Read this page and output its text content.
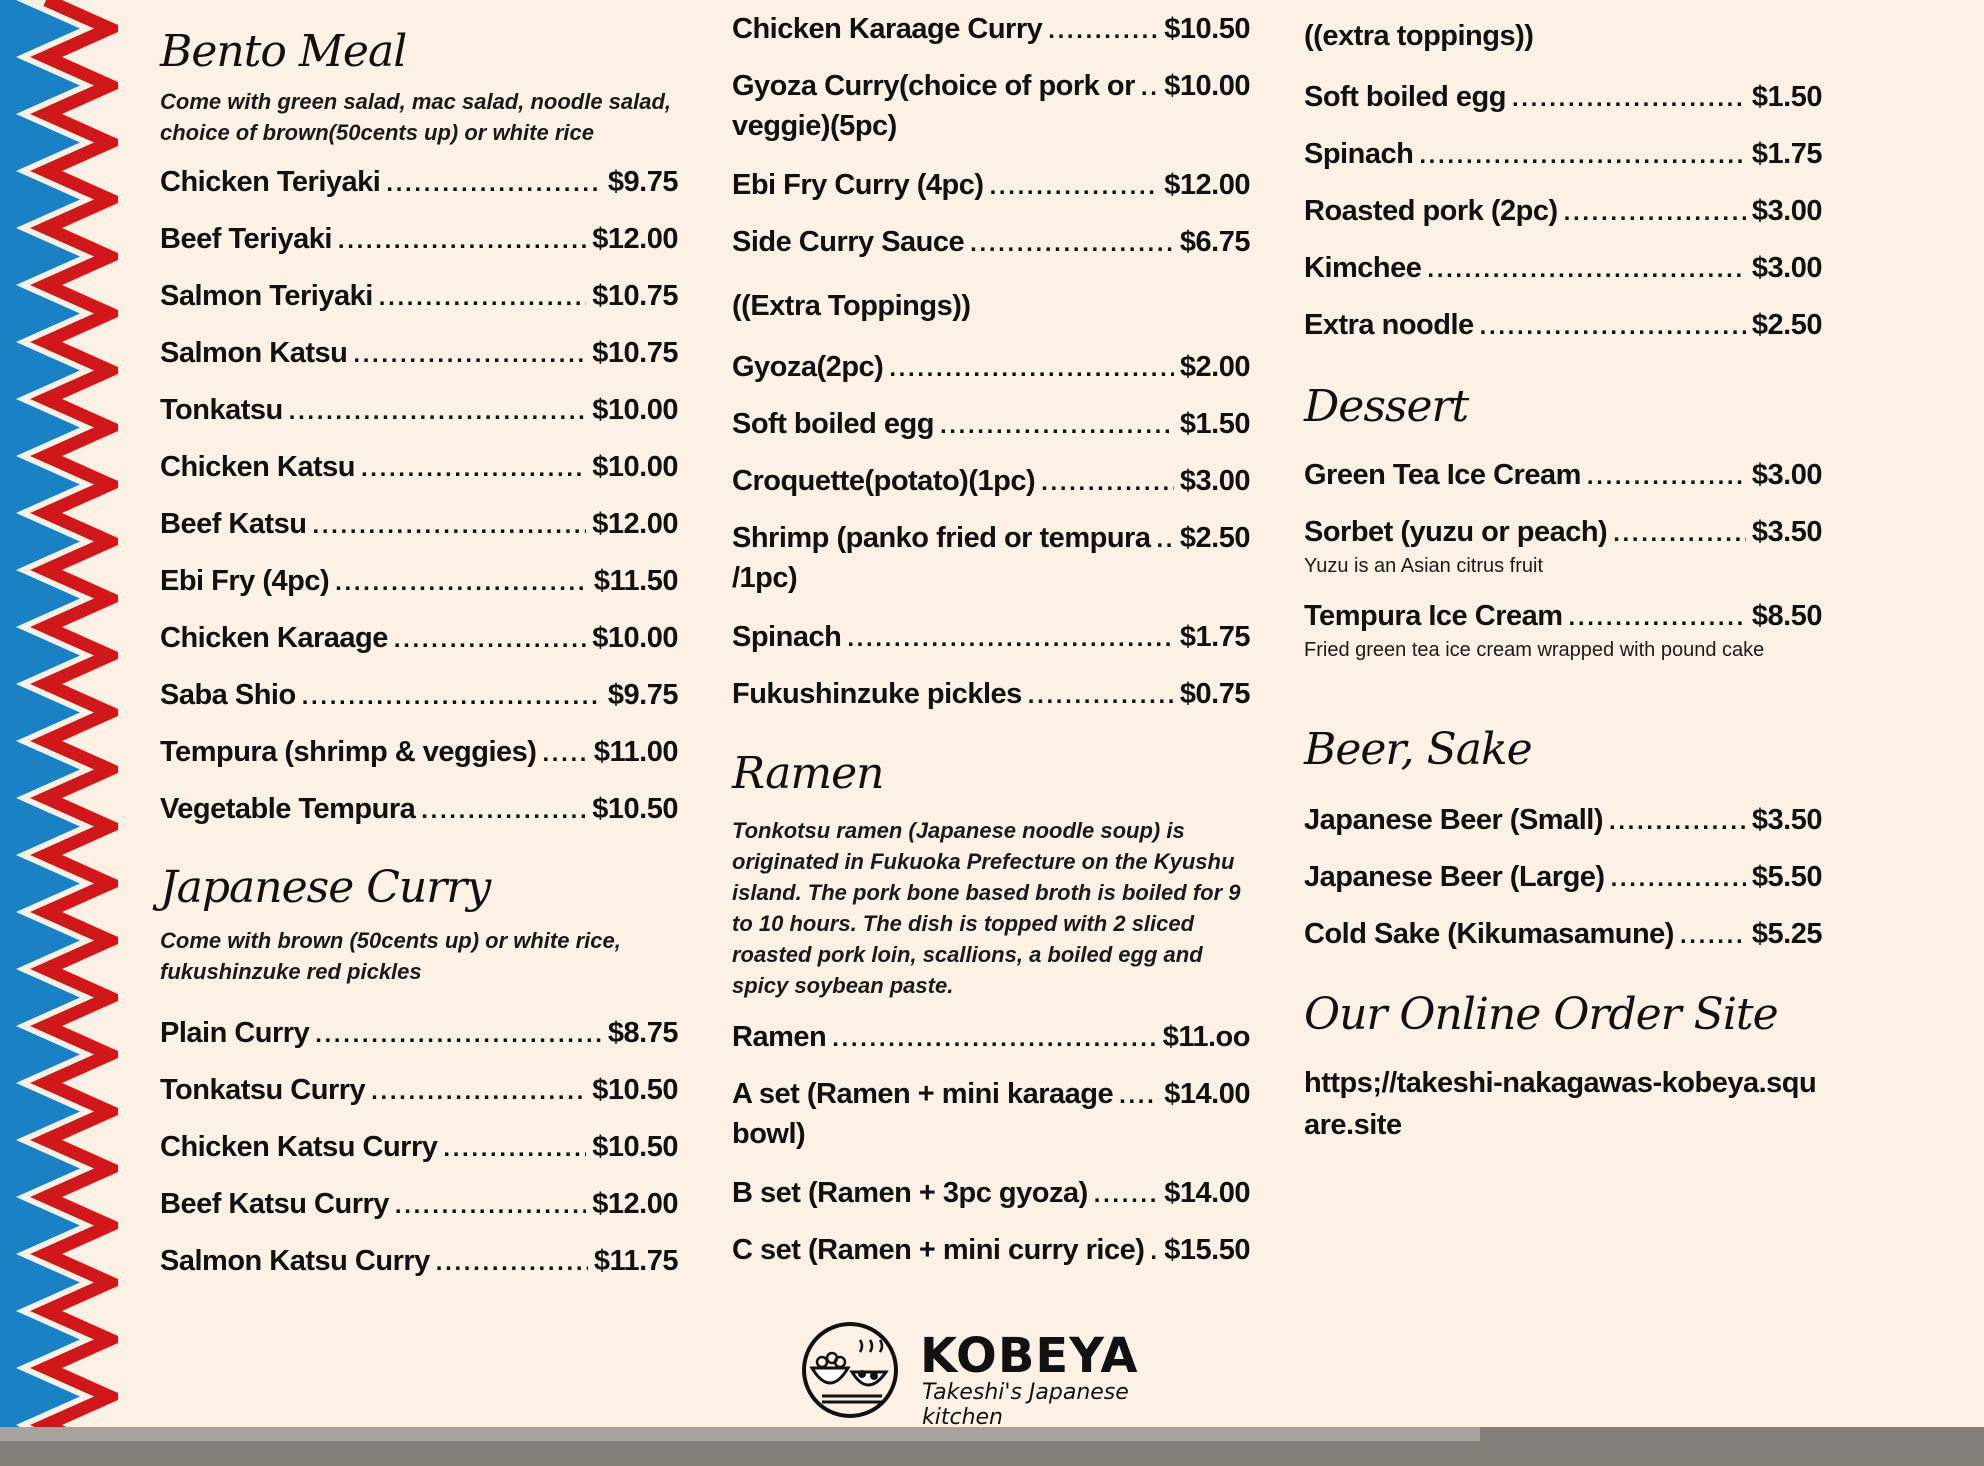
Bento Meal
Come with green salad, mac salad, noodle salad, choice of brown(50cents up) or white rice
Chicken Teriyaki . . .	$9.75
Beef Teriyaki . . .	$12.00
Salmon Teriyaki . . .	$10.75
Salmon Katsu . . .	$10.75
Tonkatsu . . .	$10.00
Chicken Katsu . . .	$10.00
Beef Katsu . . .	$12.00
Ebi Fry (4pc) . . .	$11.50
Chicken Karaage . . .	$10.00
Saba Shio . . .	$9.75
Tempura (shrimp & veggies) . . . $11.00
Vegetable Tempura . . .	$10.50
Japanese Curry
Come with brown (50cents up) or white rice, fukushinzuke red pickles
Plain Curry . . .	$8.75
Tonkatsu Curry . . .	$10.50
Chicken Katsu Curry . . .	$10.50
Beef Katsu Curry . . .	$12.00
Salmon Katsu Curry . . .	$11.75
Chicken Karaage Curry . . .	$10.50
Gyoza Curry(choice of pork or . . . $10.00
veggie)(5pc)
Ebi Fry Curry (4pc) . . .	$12.00
Side Curry Sauce . . .	$6.75
((Extra Toppings))
Gyoza(2pc) . . .	$2.00
Soft boiled egg . . .	$1.50
Croquette(potato)(1pc) . . .	$3.00
Shrimp (panko fried or tempura . . . $2.50
/1pc)
Spinach . . .	$1.75
Fukushinzuke pickles . . .	$0.75
Ramen
Tonkotsu ramen (Japanese noodle soup) is originated in Fukuoka Prefecture on the Kyushu island. The pork bone based broth is boiled for 9 to 10 hours. The dish is topped with 2 sliced roasted pork loin, scallions, a boiled egg and spicy soybean paste.
Ramen . . .	$11.oo
A set (Ramen + mini karaage . . . $14.00
bowl)
B set (Ramen + 3pc gyoza) . . .	$14.00
C set (Ramen + mini curry rice) . . . $15.50
((extra toppings))
Soft boiled egg . . .	$1.50
Spinach . . .	$1.75
Roasted pork (2pc) . . .	$3.00
Kimchee . . .	$3.00
Extra noodle . . .	$2.50
Dessert
Green Tea Ice Cream . . .	$3.00
Sorbet (yuzu or peach) . . .	$3.50
Yuzu is an Asian citrus fruit
Tempura Ice Cream . . .	$8.50
Fried green tea ice cream wrapped with pound cake
Beer, Sake
Japanese Beer (Small) . . .	$3.50
Japanese Beer (Large) . . .	$5.50
Cold Sake (Kikumasamune) . . .	$5.25
Our Online Order Site
https;//takeshi-nakagawas-kobeya.square.site
KOBEYA
Takeshi's Japanese kitchen
